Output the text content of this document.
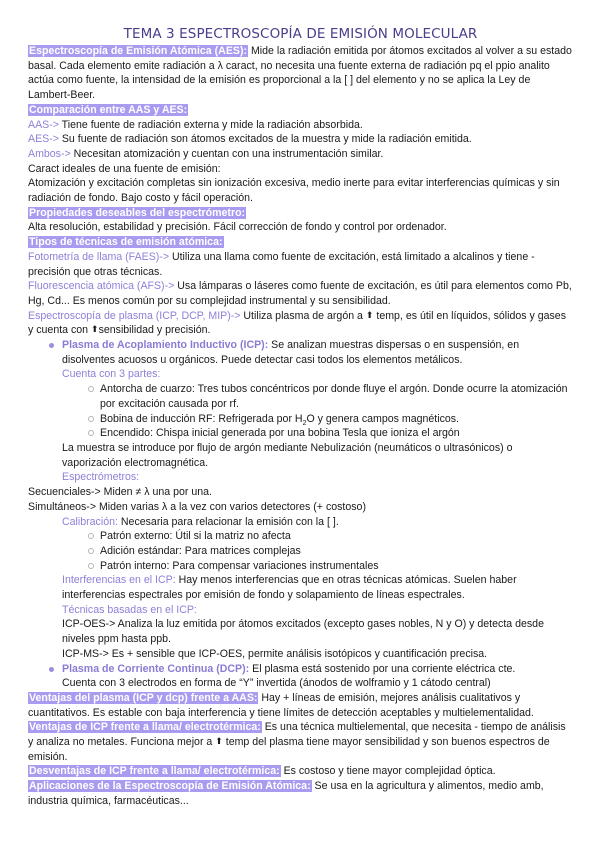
TEMA 3 ESPECTROSCOPÍA DE EMISIÓN MOLECULAR

Espectroscopía de Emisión Atómica (AES): Mide la radiación emitida por átomos excitados al volver a su estado basal. Cada elemento emite radiación a λ caract, no necesita una fuente externa de radiación pq el ppio analito actúa como fuente, la intensidad de la emisión es proporcional a la [ ] del elemento y no se aplica la Ley de Lambert-Beer.

Comparación entre AAS y AES:

AAS-> Tiene fuente de radiación externa y mide la radiación absorbida.

AES-> Su fuente de radiación son átomos excitados de la muestra y mide la radiación emitida.

Ambos-> Necesitan atomización y cuentan con una instrumentación similar.

Caract ideales de una fuente de emisión:

Atomización y excitación completas sin ionización excesiva, medio inerte para evitar interferencias químicas y sin radiación de fondo. Bajo costo y fácil operación.

Propiedades deseables del espectrómetro:

Alta resolución, estabilidad y precisión. Fácil corrección de fondo y control por ordenador.

Tipos de técnicas de emisión atómica:

Fotometría de llama (FAES)-> Utiliza una llama como fuente de excitación, está limitado a alcalinos y tiene - precisión que otras técnicas.

Fluorescencia atómica (AFS)-> Usa lámparas o láseres como fuente de excitación, es útil para elementos como Pb, Hg, Cd... Es menos común por su complejidad instrumental y su sensibilidad.

Espectroscopía de plasma (ICP, DCP, MIP)-> Utiliza plasma de argón a ⬆ temp, es útil en líquidos, sólidos y gases y cuenta con ⬆sensibilidad y precisión.

Plasma de Acoplamiento Inductivo (ICP): Se analizan muestras dispersas o en suspensión, en disolventes acuosos u orgánicos. Puede detectar casi todos los elementos metálicos.

Cuenta con 3 partes:

Antorcha de cuarzo: Tres tubos concéntricos por donde fluye el argón. Donde ocurre la atomización por excitación causada por rf.
Bobina de inducción RF: Refrigerada por $H_2O$ y genera campos magnéticos.
Encendido: Chispa inicial generada por una bobina Tesla que ioniza el argón

La muestra se introduce por flujo de argón mediante Nebulización (neumáticos o ultrasónicos) o vaporización electromagnética.

Espectrómetros:

Secuenciales-> Miden ≠ λ una por una.

Simultáneos-> Miden varias λ a la vez con varios detectores (+ costoso)

Calibración: Necesaria para relacionar la emisión con la [ ].

Patrón externo: Útil si la matriz no afecta
Adición estándar: Para matrices complejas
Patrón interno: Para compensar variaciones instrumentales

Interferencias en el ICP: Hay menos interferencias que en otras técnicas atómicas. Suelen haber interferencias espectrales por emisión de fondo y solapamiento de líneas espectrales.

Técnicas basadas en el ICP:

ICP-OES-> Analiza la luz emitida por átomos excitados (excepto gases nobles, N y O) y detecta desde niveles ppm hasta ppb.

ICP-MS-> Es + sensible que ICP-OES, permite análisis isotópicos y cuantificación precisa.

Plasma de Corriente Continua (DCP): El plasma está sostenido por una corriente eléctrica cte.

Cuenta con 3 electrodos en forma de “Y” invertida (ánodos de wolframio y 1 cátodo central)

Ventajas del plasma (ICP y dcp) frente a AAS: Hay + líneas de emisión, mejores análisis cualitativos y cuantitativos. Es estable con baja interferencia y tiene límites de detección aceptables y multielementalidad.

Ventajas de ICP frente a llama/ electrotérmica: Es una técnica multielemental, que necesita - tiempo de análisis y analiza no metales. Funciona mejor a ⬆ temp del plasma tiene mayor sensibilidad y son buenos espectros de emisión.

Desventajas de ICP frente a llama/ electrotérmica: Es costoso y tiene mayor complejidad óptica.

Aplicaciones de la Espectroscopía de Emisión Atómica: Se usa en la agricultura y alimentos, medio amb, industria química, farmacéuticas...
